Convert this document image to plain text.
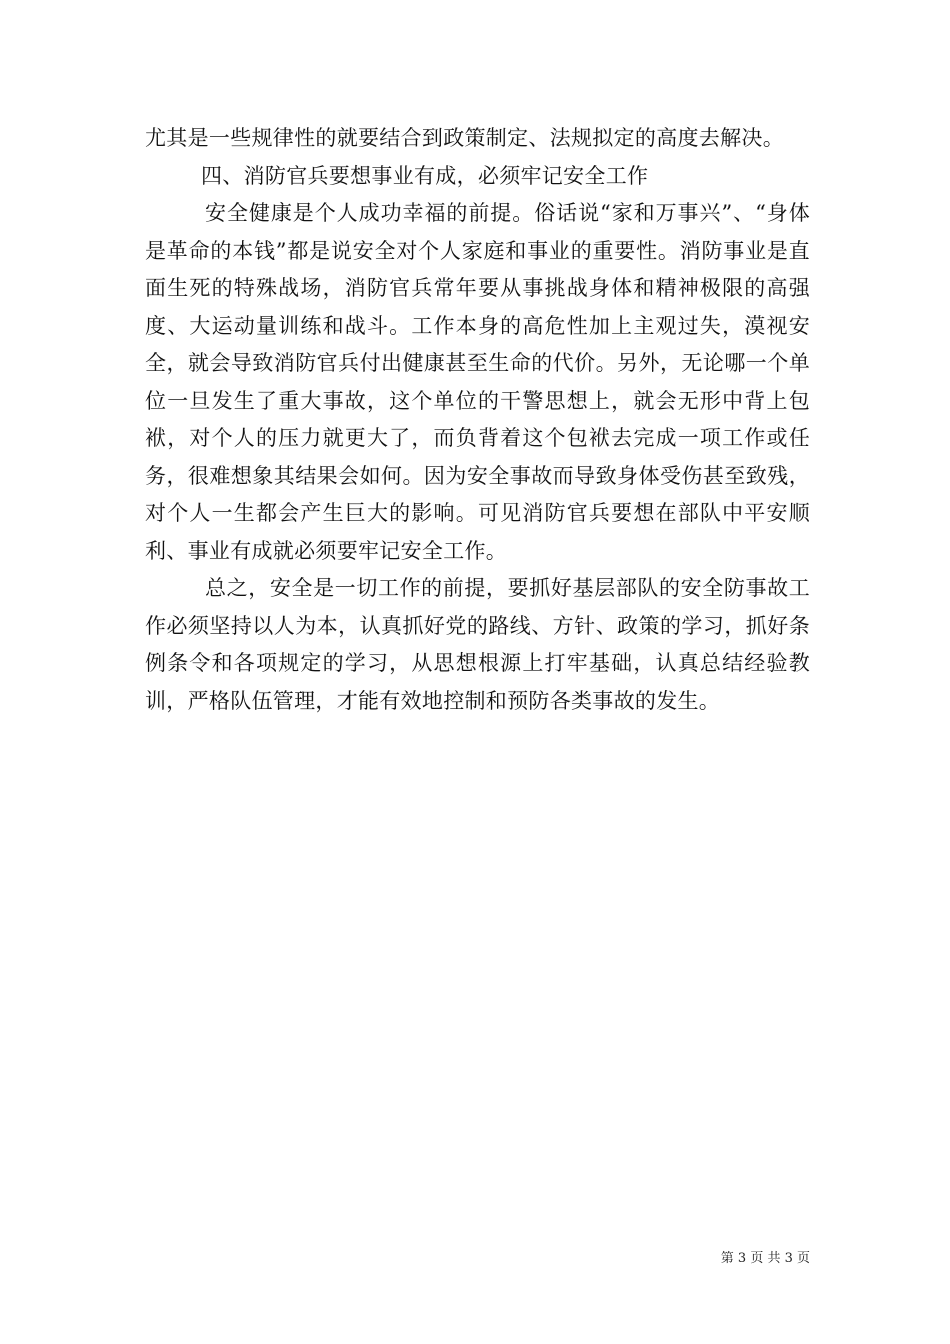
尤其是一些规律性的就要结合到政策制定、法规拟定的高度去解决。

四、消防官兵要想事业有成，必须牢记安全工作

安全健康是个人成功幸福的前提。俗话说“家和万事兴”、“身体是革命的本钱”都是说安全对个人家庭和事业的重要性。消防事业是直面生死的特殊战场，消防官兵常年要从事挑战身体和精神极限的高强度、大运动量训练和战斗。工作本身的高危性加上主观过失，漠视安全，就会导致消防官兵付出健康甚至生命的代价。另外，无论哪一个单位一旦发生了重大事故，这个单位的干警思想上，就会无形中背上包袱，对个人的压力就更大了，而负背着这个包袱去完成一项工作或任务，很难想象其结果会如何。因为安全事故而导致身体受伤甚至致残，对个人一生都会产生巨大的影响。可见消防官兵要想在部队中平安顺利、事业有成就必须要牢记安全工作。

总之，安全是一切工作的前提，要抓好基层部队的安全防事故工作必须坚持以人为本，认真抓好党的路线、方针、政策的学习，抓好条例条令和各项规定的学习，从思想根源上打牢基础，认真总结经验教训，严格队伍管理，才能有效地控制和预防各类事故的发生。

第 3 页 共 3 页
